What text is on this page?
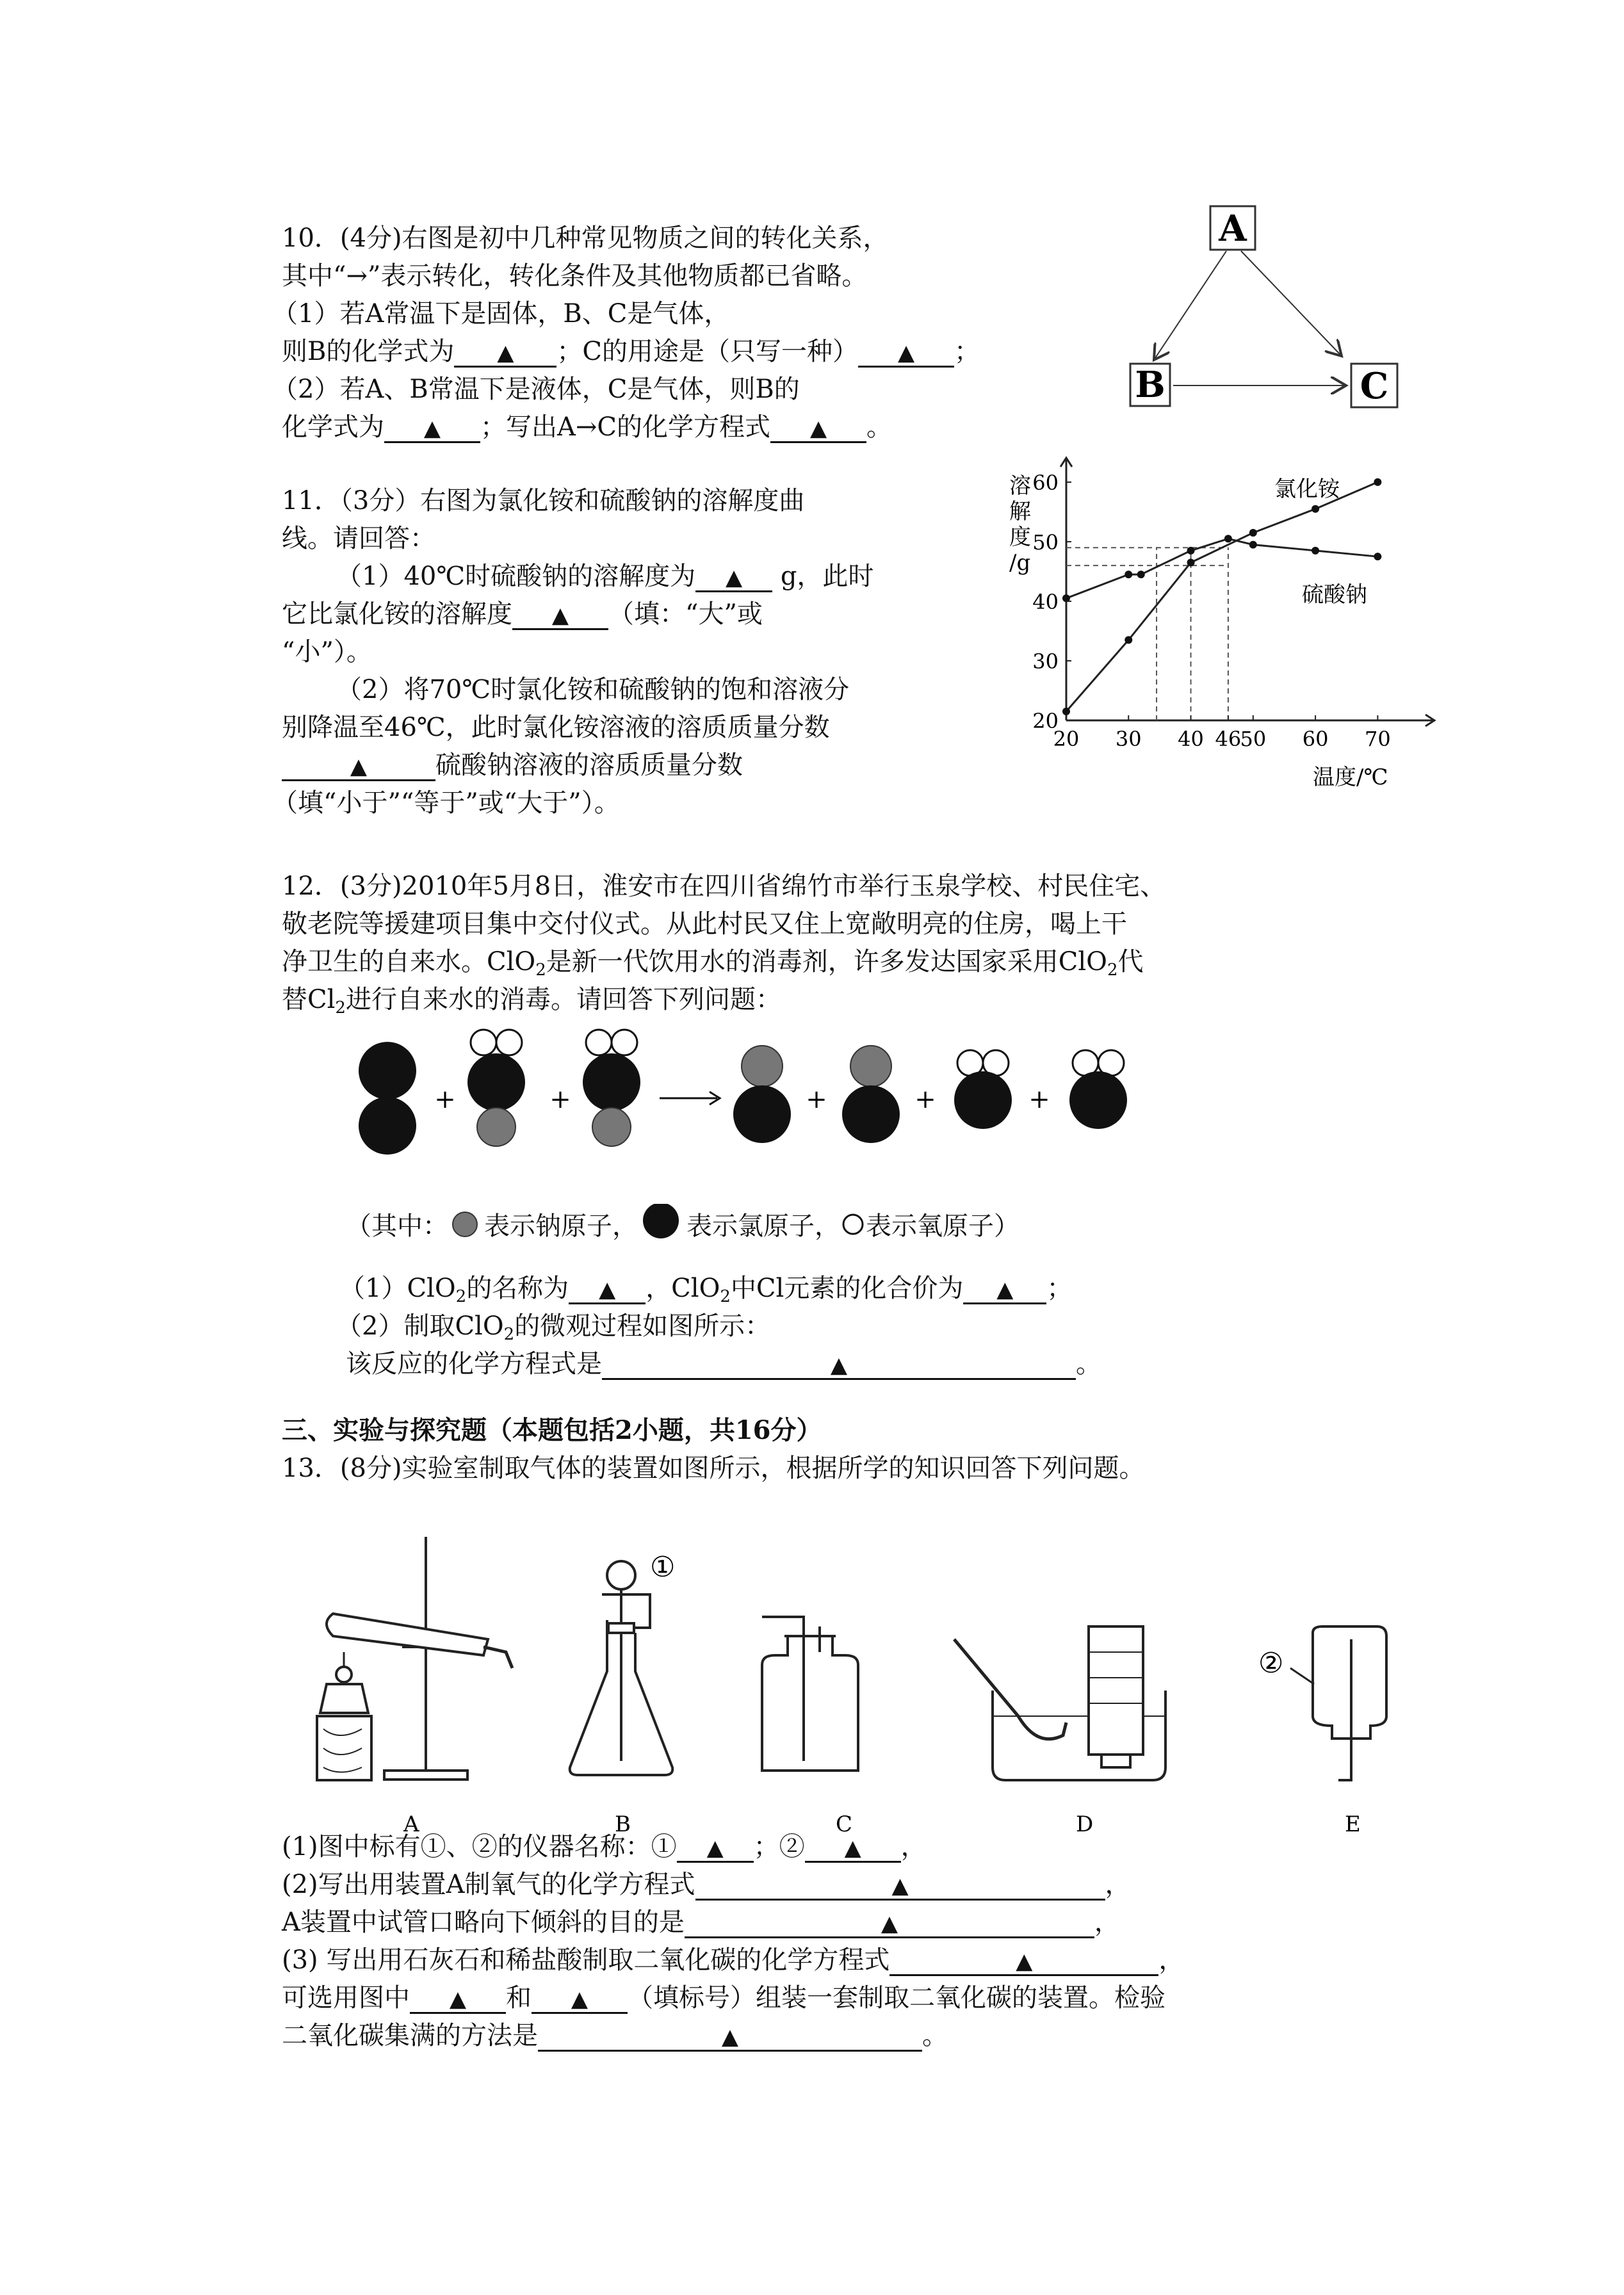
10．(4分)右图是初中几种常见物质之间的转化关系，
其中“→”表示转化，转化条件及其他物质都已省略。
（1）若A常温下是固体，B、C是气体，
则B的化学式为 ▲ ；C的用途是（只写一种） ▲ ；
（2）若A、B常温下是液体，C是气体，则B的
化学式为 ▲ ；写出A→C的化学方程式 ▲ 。
A
B	C
11．（3分）右图为氯化铵和硫酸钠的溶解度曲
线。请回答：
（1）40℃时硫酸钠的溶解度为 ▲ g，此时
它比氯化铵的溶解度 ▲ （填：“大”或
“小”）。
（2）将70℃时氯化铵和硫酸钠的饱和溶液分
别降温至46℃，此时氯化铵溶液的溶质质量分数
▲	硫酸钠溶液的溶质质量分数
（填“小于”“等于”或“大于”）。
20 30 40 46
50 60 70
20
30
40
50
60
溶
解
度
/g
温度/℃
氯化铵
硫酸钠
12．(3分)2010年5月8日，淮安市在四川省绵竹市举行玉泉学校、村民住宅、
敬老院等援建项目集中交付仪式。从此村民又住上宽敞明亮的住房，喝上干
净卫生的自来水。ClO$_2$是新一代饮用水的消毒剂，许多发达国家采用ClO$_2$代
替$Cl_2$进行自来水的消毒。请回答下列问题：
+	+	+	+	+
（其中： 表示钠原子， 表示氯原子， 表示氧原子）
（1）ClO$_2$的名称为 ▲ ，ClO$_2$中Cl元素的化合价为 ▲ ；
（2）制取ClO$_2$的微观过程如图所示：
该反应的化学方程式是	▲	。
三、实验与探究题（本题包括2小题，共16分）
13．(8分)实验室制取气体的装置如图所示，根据所学的知识回答下列问题。
①
②
A	B	C	D	E
(1)图中标有①、②的仪器名称：① ▲ ；② ▲ ，
(2)写出用装置A制氧气的化学方程式	▲	，
A装置中试管口略向下倾斜的目的是	▲	，
(3) 写出用石灰石和稀盐酸制取二氧化碳的化学方程式	▲	，
可选用图中 ▲ 和 ▲ （填标号）组装一套制取二氧化碳的装置。检验
二氧化碳集满的方法是	▲	。
